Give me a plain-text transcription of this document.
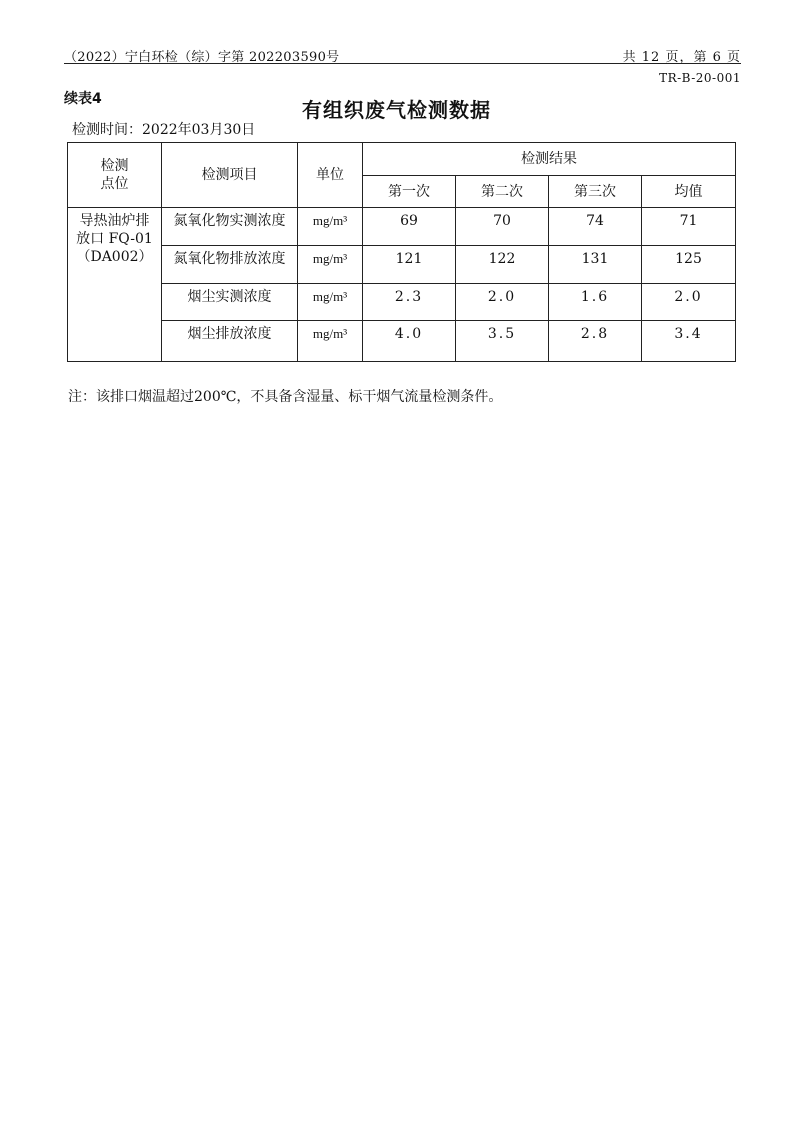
（2022）宁白环检（综）字第 202203590号	共 12 页，第 6 页
TR-B-20-001
续表4	有组织废气检测数据
检测时间：2022年03月30日
检测
点位	检测项目	单位	检测结果			
			第一次	第二次	第三次	均值
导热油炉排
放口 FQ-01
（DA002）	氮氧化物实测浓度	mg/m³	69	70	74	71
	氮氧化物排放浓度	mg/m³	121	122	131	125
	烟尘实测浓度	mg/m³	2.3	2.0	1.6	2.0
	烟尘排放浓度	mg/m³	4.0	3.5	2.8	3.4
注：该排口烟温超过200℃，不具备含湿量、标干烟气流量检测条件。
